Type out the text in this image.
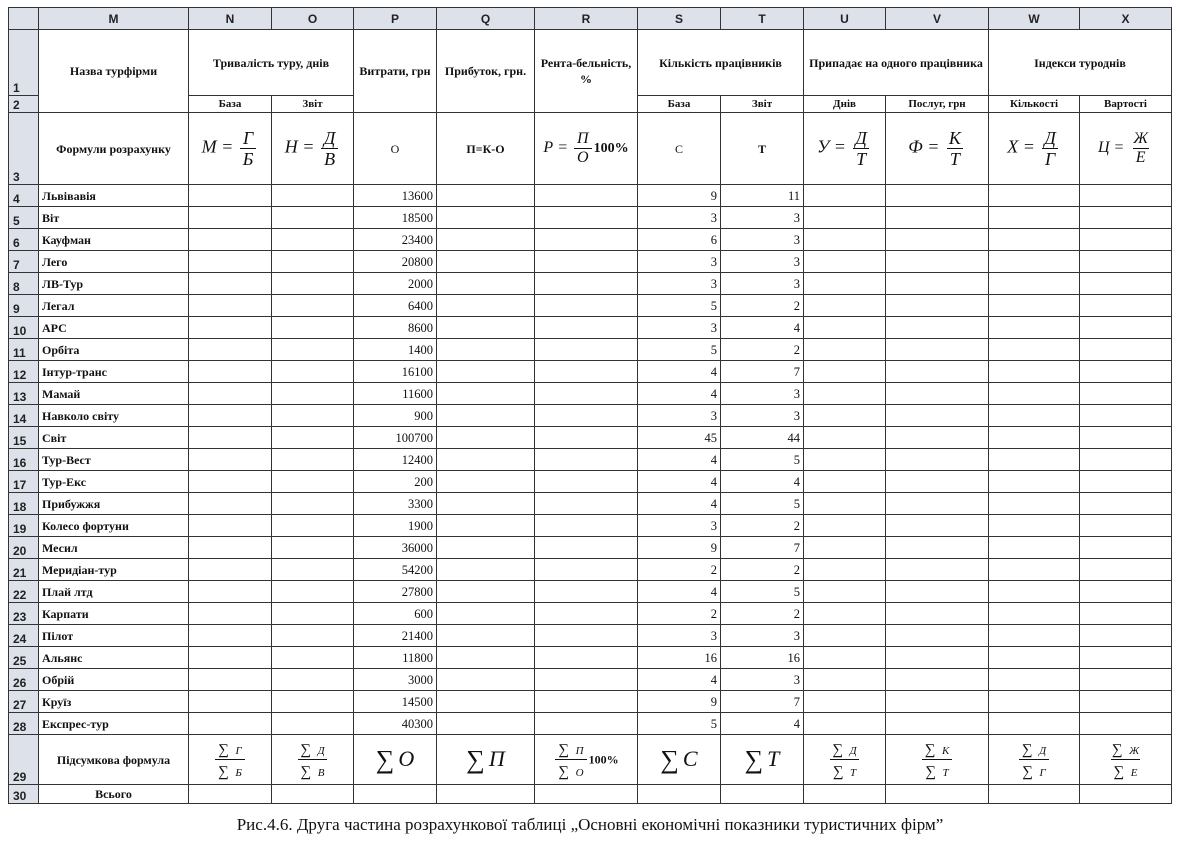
	M	N	O	P	Q	R	S	T	U	V	W	X
1	Назва турфірми	Тривалість туру, днів		Витрати, грн	Прибуток, грн.	Рента-бельність, %	Кількість працівників		Припадає на одного працівника		Індекси туроднів	
2		База	Звіт				База	Звіт	Днів	Послуг, грн	Кількості	Вартості
3	Формули розрахунку	$М = \frac{Г}{Б}$	$Н = \frac{Д}{В}$	О	П=К-О	$Р = \frac{П}{О} 100\%$	С	Т	$У = \frac{Д}{Т}$	$Ф = \frac{К}{Т}$	$Х = \frac{Д}{Г}$	$Ц = \frac{Ж}{Е}$

4	Львівавія			13600			9	11				
5	Віт			18500			3	3				
6	Кауфман			23400			6	3				
7	Лего			20800			3	3				
8	ЛВ-Тур			2000			3	3				
9	Легал			6400			5	2				
10	АРС			8600			3	4				
11	Орбіта			1400			5	2				
12	Інтур-транс			16100			4	7				
13	Мамай			11600			4	3				
14	Навколо світу			900			3	3				
15	Світ			100700			45	44				
16	Тур-Вест			12400			4	5				
17	Тур-Екс			200			4	4				
18	Прибужжя			3300			4	5				
19	Колесо фортуни			1900			3	2				
20	Месил			36000			9	7				
21	Меридіан-тур			54200			2	2				
22	Плай лтд			27800			4	5				
23	Карпати			600			2	2				
24	Пілот			21400			3	3				
25	Альянс			11800			16	16				
26	Обрій			3000			4	3				
27	Круїз			14500			9	7				
28	Експрес-тур			40300			5	4				
29	Підсумкова формула	$\frac{\sum Г}{\sum Б}$	$\frac{\sum Д}{\sum В}$	∑ О	∑ П	$\frac{\sum П}{\sum О} 100\%$	∑ С	∑ Т	$\frac{\sum Д}{\sum Т}$	$\frac{\sum К}{\sum Т}$	$\frac{\sum Д}{\sum Г}$	$\frac{\sum Ж}{\sum Е}$

30	Всього											
Рис.4.6. Друга частина розрахункової таблиці „Основні економічні показники туристичних фірм”
